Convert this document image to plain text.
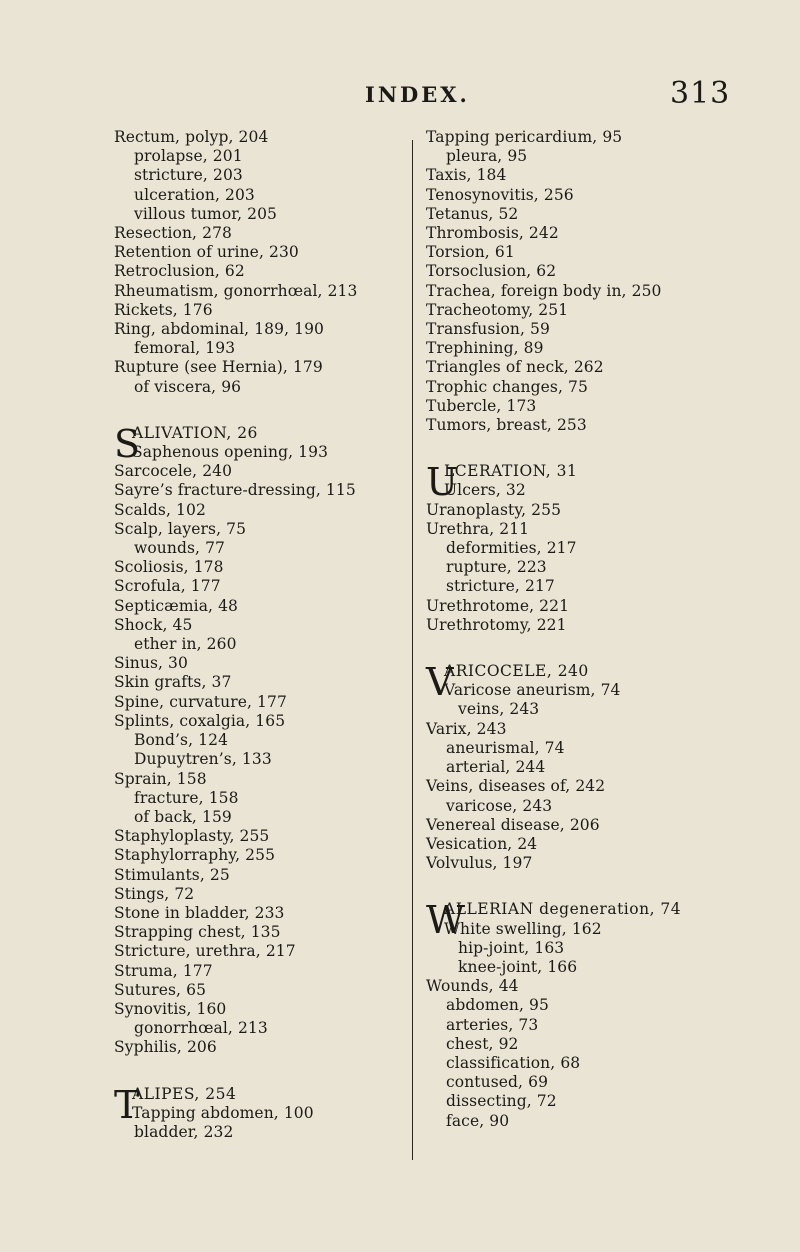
INDEX.	313
Rectum, polyp, 204
prolapse, 201
stricture, 203
ulceration, 203
villous tumor, 205
Resection, 278
Retention of urine, 230
Retroclusion, 62
Rheumatism, gonorrhœal, 213
Rickets, 176
Ring, abdominal, 189, 190
femoral, 193
Rupture (see Hernia), 179
of viscera, 96
S
ALIVATION, 26
Saphenous opening, 193
Sarcocele, 240
Sayre’s fracture-dressing, 115
Scalds, 102
Scalp, layers, 75
wounds, 77
Scoliosis, 178
Scrofula, 177
Septicæmia, 48
Shock, 45
ether in, 260
Sinus, 30
Skin grafts, 37
Spine, curvature, 177
Splints, coxalgia, 165
Bond’s, 124
Dupuytren’s, 133
Sprain, 158
fracture, 158
of back, 159
Staphyloplasty, 255
Staphylorraphy, 255
Stimulants, 25
Stings, 72
Stone in bladder, 233
Strapping chest, 135
Stricture, urethra, 217
Struma, 177
Sutures, 65
Synovitis, 160
gonorrhœal, 213
Syphilis, 206
T
ALIPES, 254
Tapping abdomen, 100
bladder, 232
Tapping pericardium, 95
pleura, 95
Taxis, 184
Tenosynovitis, 256
Tetanus, 52
Thrombosis, 242
Torsion, 61
Torsoclusion, 62
Trachea, foreign body in, 250
Tracheotomy, 251
Transfusion, 59
Trephining, 89
Triangles of neck, 262
Trophic changes, 75
Tubercle, 173
Tumors, breast, 253
U
LCERATION, 31
Ulcers, 32
Uranoplasty, 255
Urethra, 211
deformities, 217
rupture, 223
stricture, 217
Urethrotome, 221
Urethrotomy, 221
V
ARICOCELE, 240
Varicose aneurism, 74
veins, 243
Varix, 243
aneurismal, 74
arterial, 244
Veins, diseases of, 242
varicose, 243
Venereal disease, 206
Vesication, 24
Volvulus, 197
W
ALLERIAN degeneration, 74
White swelling, 162
hip-joint, 163
knee-joint, 166
Wounds, 44
abdomen, 95
arteries, 73
chest, 92
classification, 68
contused, 69
dissecting, 72
face, 90
